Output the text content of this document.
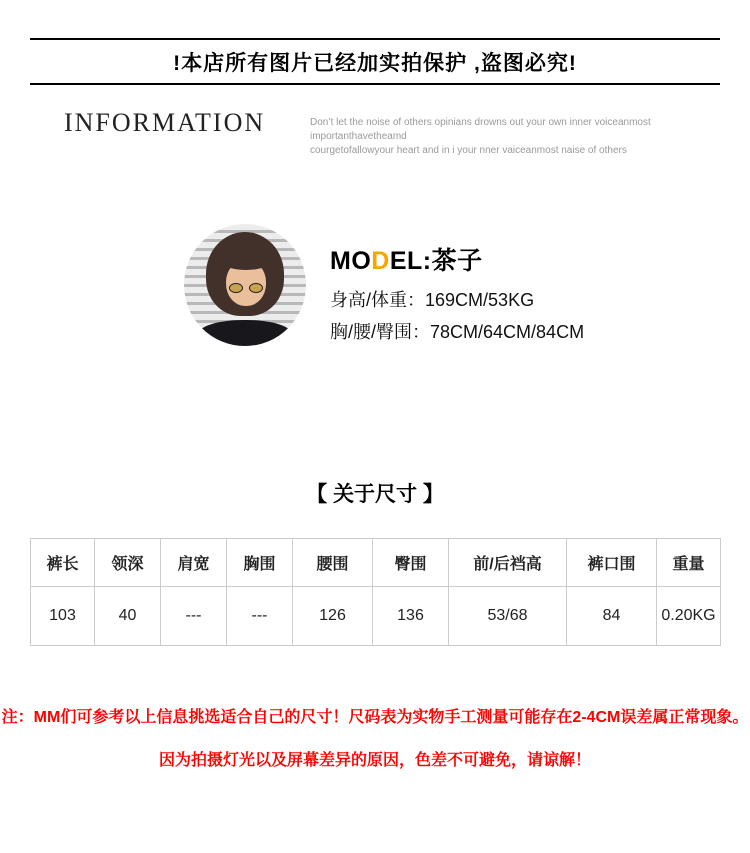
!本店所有图片已经加实拍保护 ,盗图必究!
INFORMATION	Don’t let the noise of others opinians drowns out your own inner voiceanmost importanthavetheamd
courgetofallowyour heart and in i your nner vaiceanmost naise of others
MODEL:茶子
身高/体重：169CM/53KG
胸/腰/臀围：78CM/64CM/84CM
【 关于尺寸 】
裤长	领深	肩宽	胸围	腰围	臀围	前/后裆高	裤口围	重量
103	40	---	---	126	136	53/68	84	0.20KG
注：MM们可参考以上信息挑选适合自己的尺寸！尺码表为实物手工测量可能存在2-4CM误差属正常现象。
因为拍摄灯光以及屏幕差异的原因，色差不可避免，请谅解！
